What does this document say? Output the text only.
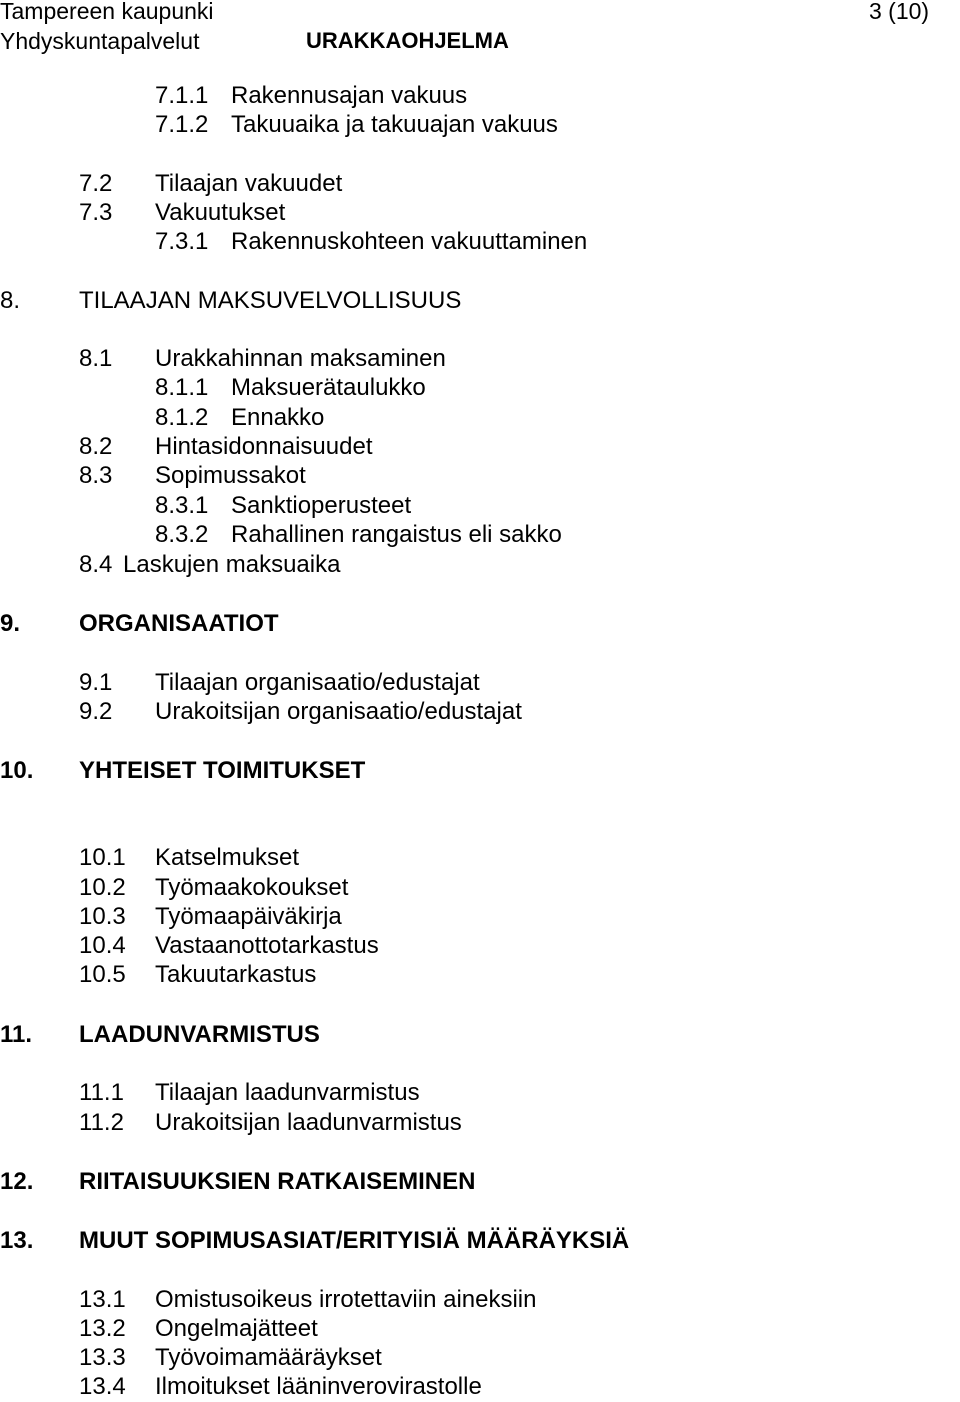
Tampereen kaupunki
Yhdyskuntapalvelut	URAKKAOHJELMA
3 (10)
7.1.1 Rakennusajan vakuus
7.1.2 Takuuaika ja takuuajan vakuus
7.2 Tilaajan vakuudet
7.3 Vakuutukset
7.3.1 Rakennuskohteen vakuuttaminen
8. TILAAJAN MAKSUVELVOLLISUUS
8.1 Urakkahinnan maksaminen
8.1.1 Maksuerätaulukko
8.1.2 Ennakko
8.2 Hintasidonnaisuudet
8.3 Sopimussakot
8.3.1 Sanktioperusteet
8.3.2 Rahallinen rangaistus eli sakko
8.4 Laskujen maksuaika
9. ORGANISAATIOT
9.1 Tilaajan organisaatio/edustajat
9.2 Urakoitsijan organisaatio/edustajat
10. YHTEISET TOIMITUKSET
10.1 Katselmukset
10.2 Työmaakokoukset
10.3 Työmaapäiväkirja
10.4 Vastaanottotarkastus
10.5 Takuutarkastus
11. LAADUNVARMISTUS
11.1 Tilaajan laadunvarmistus
11.2 Urakoitsijan laadunvarmistus
12. RIITAISUUKSIEN RATKAISEMINEN
13. MUUT SOPIMUSASIAT/ERITYISIÄ MÄÄRÄYKSIÄ
13.1 Omistusoikeus irrotettaviin aineksiin
13.2 Ongelmajätteet
13.3 Työvoimamääräykset
13.4 Ilmoitukset lääninverovirastolle
